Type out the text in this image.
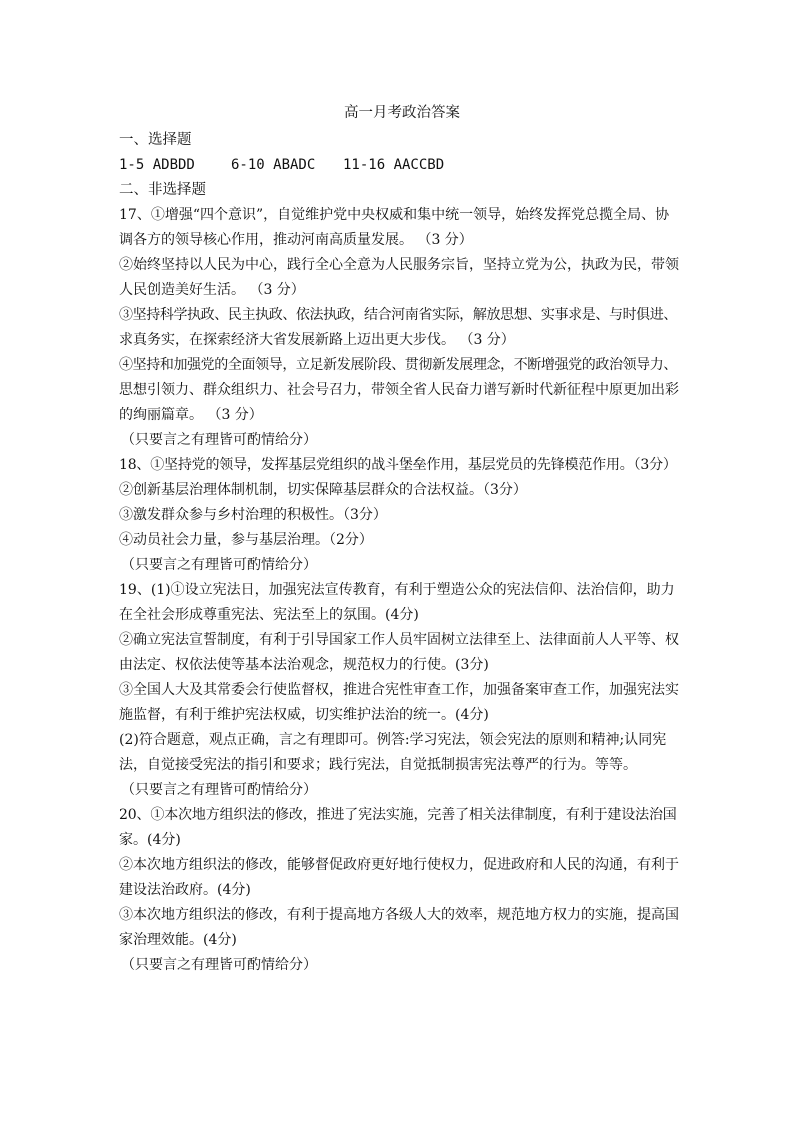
高一月考政治答案
一、选择题
1-5 ADBDD	6-10 ABADC 11-16 AACCBD
二、非选择题
17、①增强“四个意识”，自觉维护党中央权威和集中统一领导，始终发挥党总揽全局、协
调各方的领导核心作用，推动河南高质量发展。 （3 分）
②始终坚持以人民为中心，践行全心全意为人民服务宗旨，坚持立党为公，执政为民，带领
人民创造美好生活。 （3 分）
③坚持科学执政、民主执政、依法执政，结合河南省实际，解放思想、实事求是、与时俱进、
求真务实，在探索经济大省发展新路上迈出更大步伐。 （3 分）
④坚持和加强党的全面领导，立足新发展阶段、贯彻新发展理念，不断增强党的政治领导力、
思想引领力、群众组织力、社会号召力，带领全省人民奋力谱写新时代新征程中原更加出彩
的绚丽篇章。 （3 分）
（只要言之有理皆可酌情给分）
18、①坚持党的领导，发挥基层党组织的战斗堡垒作用，基层党员的先锋模范作用。（3分）
②创新基层治理体制机制，切实保障基层群众的合法权益。（3分）
③激发群众参与乡村治理的积极性。（3分）
④动员社会力量，参与基层治理。（2分）
（只要言之有理皆可酌情给分）
19、(1)①设立宪法日，加强宪法宣传教育，有利于塑造公众的宪法信仰、法治信仰，助力
在全社会形成尊重宪法、宪法至上的氛围。(4分)
②确立宪法宣誓制度，有利于引导国家工作人员牢固树立法律至上、法律面前人人平等、权
由法定、权依法使等基本法治观念，规范权力的行使。(3分)
③全国人大及其常委会行使监督权，推进合宪性审查工作，加强备案审查工作，加强宪法实
施监督，有利于维护宪法权威，切实维护法治的统一。(4分)
(2)符合题意，观点正确，言之有理即可。例答:学习宪法，领会宪法的原则和精神;认同宪
法，自觉接受宪法的指引和要求；践行宪法，自觉抵制损害宪法尊严的行为。等等。
（只要言之有理皆可酌情给分）
20、①本次地方组织法的修改，推进了宪法实施，完善了相关法律制度，有利于建设法治国
家。(4分)
②本次地方组织法的修改，能够督促政府更好地行使权力，促进政府和人民的沟通，有利于
建设法治政府。(4分)
③本次地方组织法的修改，有利于提高地方各级人大的效率，规范地方权力的实施，提高国
家治理效能。(4分)
（只要言之有理皆可酌情给分）
